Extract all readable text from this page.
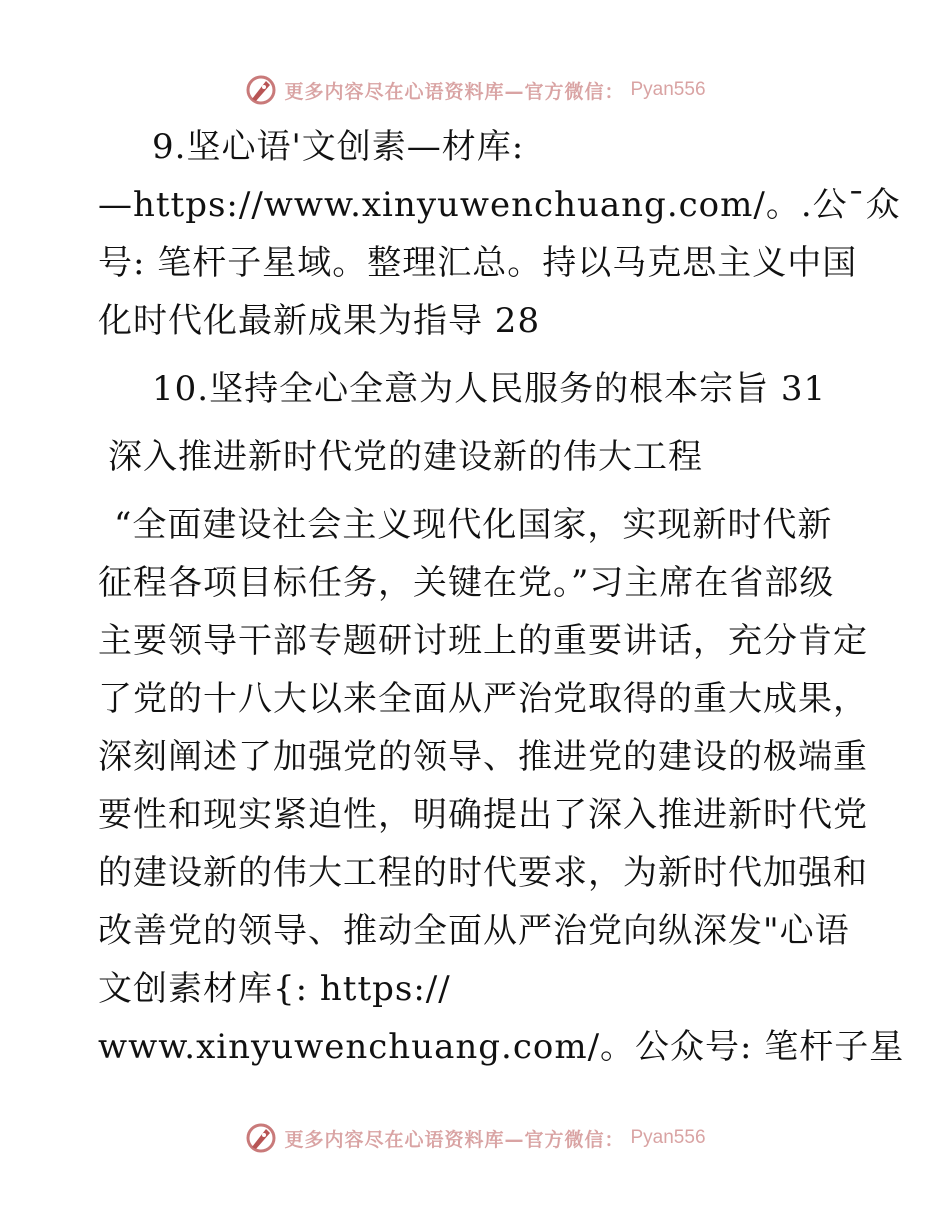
更多内容尽在心语资料库—官方微信： Pyan556
9.坚心语'文创素—材库:
—https://www.xinyuwenchuang.com/。.公¯众
号: 笔杆子星域。整理汇总。持以马克思主义中国
化时代化最新成果为指导 28
10.坚持全心全意为人民服务的根本宗旨 31
深入推进新时代党的建设新的伟大工程
“全面建设社会主义现代化国家，实现新时代新
征程各项目标任务，关键在党。”习主席在省部级
主要领导干部专题研讨班上的重要讲话，充分肯定
了党的十八大以来全面从严治党取得的重大成果，
深刻阐述了加强党的领导、推进党的建设的极端重
要性和现实紧迫性，明确提出了深入推进新时代党
的建设新的伟大工程的时代要求，为新时代加强和
改善党的领导、推动全面从严治党向纵深发"心语
文创素材库{: https://
www.xinyuwenchuang.com/。公众号: 笔杆子星
更多内容尽在心语资料库—官方微信： Pyan556
